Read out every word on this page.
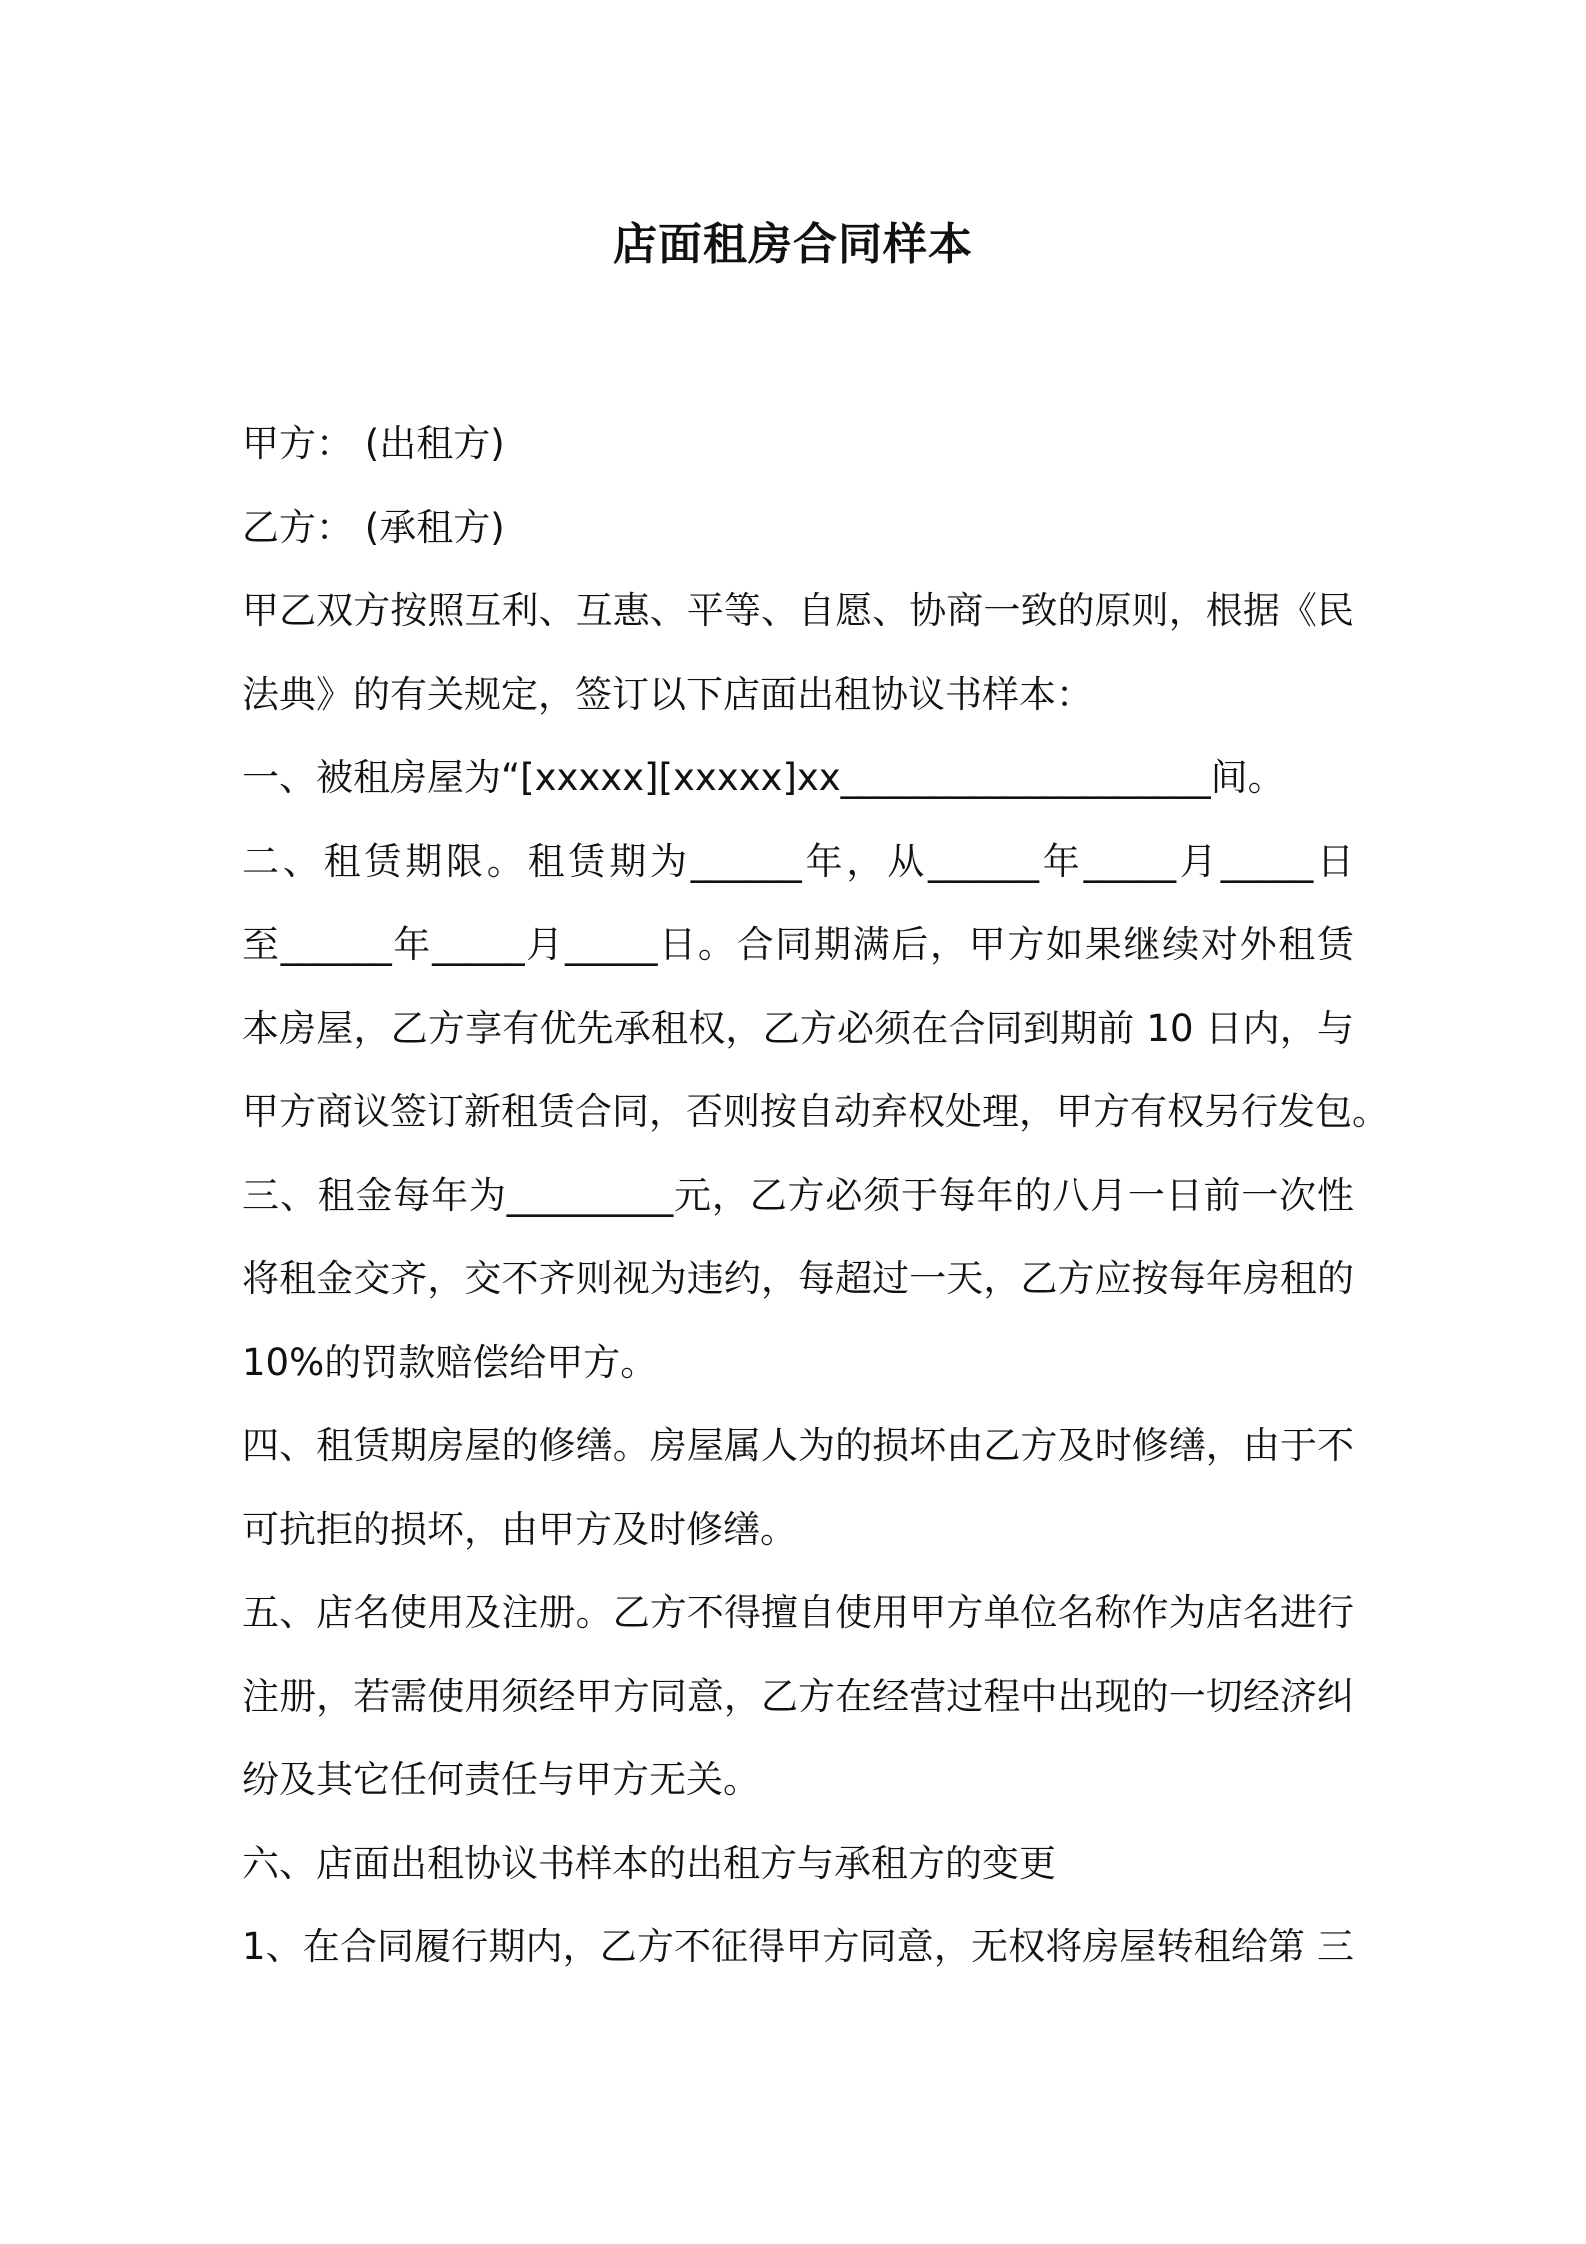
店面租房合同样本
甲方： (出租方)
乙方： (承租方)
甲乙双方按照互利、互惠、平等、自愿、协商一致的原则，根据《民
法典》的有关规定，签订以下店面出租协议书样本：
一、被租房屋为“[xxxxx][xxxxx]xx____________________间。
二、租赁期限。租赁期为______年，从______年_____月_____日
至______年_____月_____日。合同期满后，甲方如果继续对外租赁
本房屋，乙方享有优先承租权，乙方必须在合同到期前 10 日内，与
甲方商议签订新租赁合同，否则按自动弃权处理，甲方有权另行发包。
三、租金每年为_________元，乙方必须于每年的八月一日前一次性
将租金交齐，交不齐则视为违约，每超过一天，乙方应按每年房租的
10%的罚款赔偿给甲方。
四、租赁期房屋的修缮。房屋属人为的损坏由乙方及时修缮，由于不
可抗拒的损坏，由甲方及时修缮。
五、店名使用及注册。乙方不得擅自使用甲方单位名称作为店名进行
注册，若需使用须经甲方同意，乙方在经营过程中出现的一切经济纠
纷及其它任何责任与甲方无关。
六、店面出租协议书样本的出租方与承租方的变更
1、在合同履行期内，乙方不征得甲方同意，无权将房屋转租给第 三
